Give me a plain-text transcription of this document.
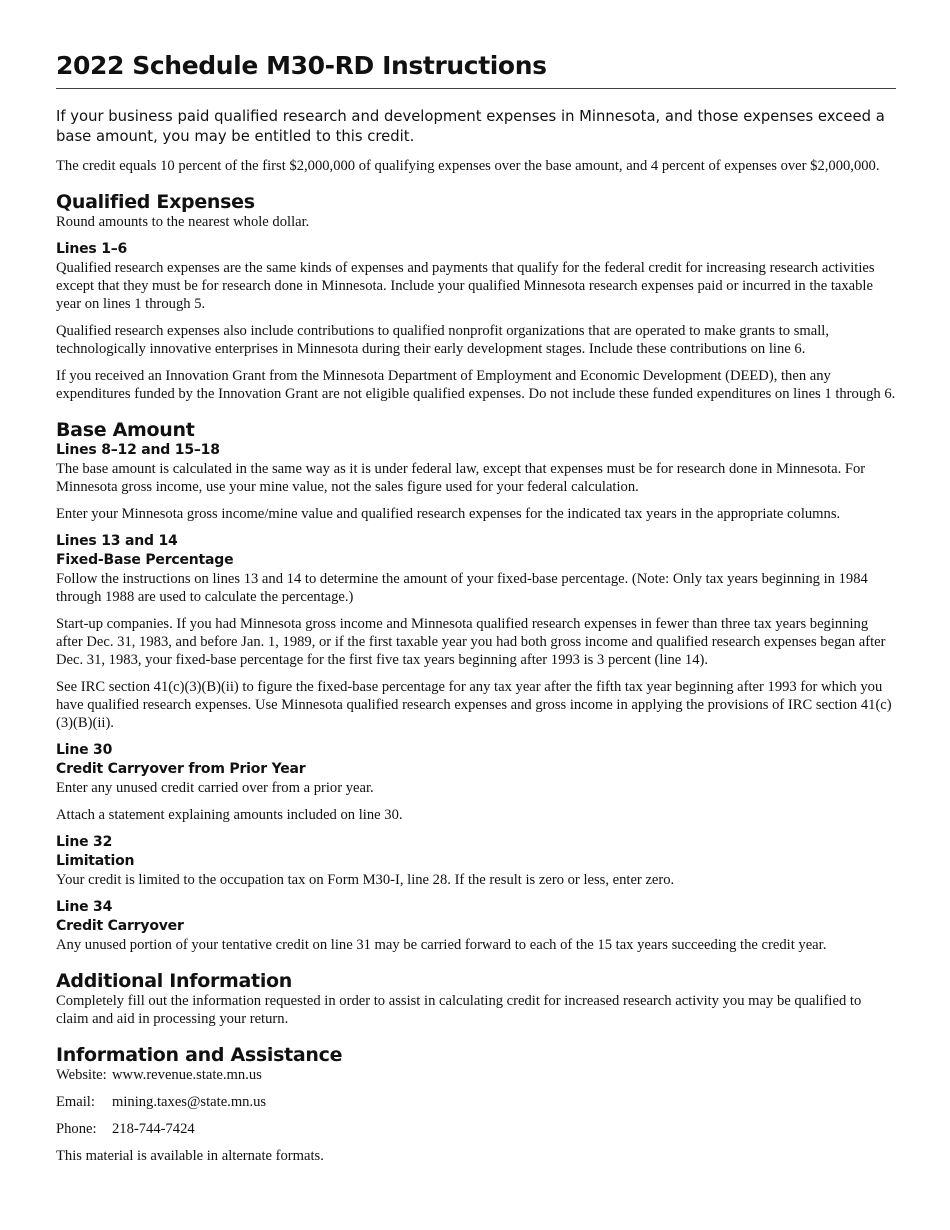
2022 Schedule M30-RD Instructions

If your business paid qualified research and development expenses in Minnesota, and those expenses exceed a base amount, you may be entitled to this credit.

The credit equals 10 percent of the first $2,000,000 of qualifying expenses over the base amount, and 4 percent of expenses over $2,000,000.

Qualified Expenses

Round amounts to the nearest whole dollar.

Lines 1–6

Qualified research expenses are the same kinds of expenses and payments that qualify for the federal credit for increasing research activities except that they must be for research done in Minnesota. Include your qualified Minnesota research expenses paid or incurred in the taxable year on lines 1 through 5.

Qualified research expenses also include contributions to qualified nonprofit organizations that are operated to make grants to small, technologically innovative enterprises in Minnesota during their early development stages. Include these contributions on line 6.

If you received an Innovation Grant from the Minnesota Department of Employment and Economic Development (DEED), then any expenditures funded by the Innovation Grant are not eligible qualified expenses. Do not include these funded expenditures on lines 1 through 6.

Base Amount
Lines 8–12 and 15–18

The base amount is calculated in the same way as it is under federal law, except that expenses must be for research done in Minnesota. For Minnesota gross income, use your mine value, not the sales figure used for your federal calculation.

Enter your Minnesota gross income/mine value and qualified research expenses for the indicated tax years in the appropriate columns.

Lines 13 and 14
Fixed-Base Percentage

Follow the instructions on lines 13 and 14 to determine the amount of your fixed-base percentage. (Note: Only tax years beginning in 1984 through 1988 are used to calculate the percentage.)

Start-up companies. If you had Minnesota gross income and Minnesota qualified research expenses in fewer than three tax years beginning after Dec. 31, 1983, and before Jan. 1, 1989, or if the first taxable year you had both gross income and qualified research expenses began after Dec. 31, 1983, your fixed-base percentage for the first five tax years beginning after 1993 is 3 percent (line 14).

See IRC section 41(c)(3)(B)(ii) to figure the fixed-base percentage for any tax year after the fifth tax year beginning after 1993 for which you have qualified research expenses. Use Minnesota qualified research expenses and gross income in applying the provisions of IRC section 41(c)(3)(B)(ii).

Line 30
Credit Carryover from Prior Year

Enter any unused credit carried over from a prior year.

Attach a statement explaining amounts included on line 30.

Line 32
Limitation

Your credit is limited to the occupation tax on Form M30-I, line 28. If the result is zero or less, enter zero.

Line 34
Credit Carryover

Any unused portion of your tentative credit on line 31 may be carried forward to each of the 15 tax years succeeding the credit year.

Additional Information

Completely fill out the information requested in order to assist in calculating credit for increased research activity you may be qualified to claim and aid in processing your return.

Information and Assistance
Website: www.revenue.state.mn.us
Email:	mining.taxes@state.mn.us
Phone:	218-744-7424

This material is available in alternate formats.
